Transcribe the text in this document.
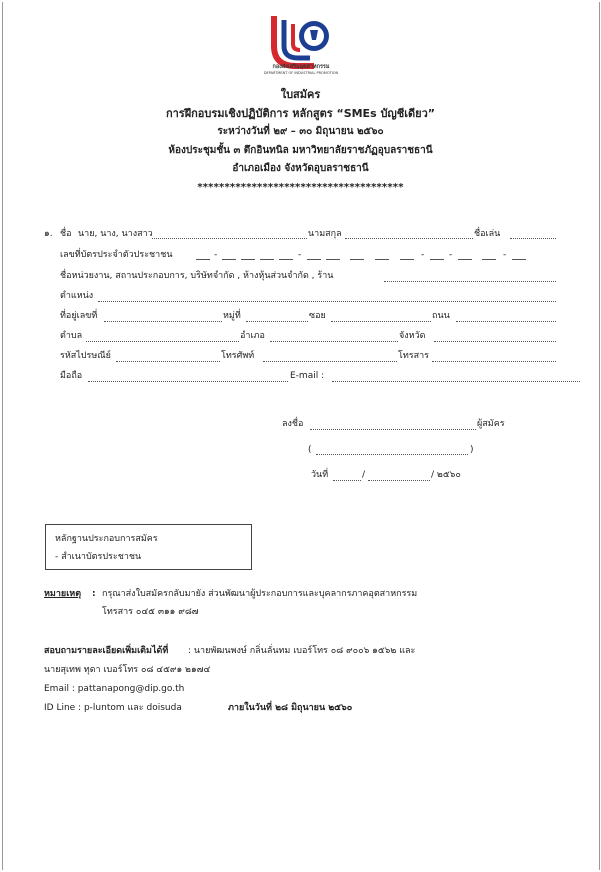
กองส่งเสริมอุตสาหกรรม
DEPARTMENT OF INDUSTRIAL PROMOTION
ใบสมัคร
การฝึกอบรมเชิงปฏิบัติการ หลักสูตร “SMEs บัญชีเดียว”
ระหว่างวันที่ ๒๙ – ๓๐ มิถุนายน ๒๕๖๐
ห้องประชุมชั้น ๓ ตึกอินทนิล มหาวิทยาลัยราชภัฏอุบลราชธานี
อำเภอเมือง จังหวัดอุบลราชธานี
**************************************
๑. ชื่อ นาย, นาง, นางสาว	นามสกุล	ชื่อเล่น
เลขที่บัตรประจำตัวประชาชน	-	-	-	-	-
ชื่อหน่วยงาน, สถานประกอบการ, บริษัทจำกัด , ห้างหุ้นส่วนจำกัด , ร้าน
ตำแหน่ง
ที่อยู่เลขที่	หมู่ที่	ซอย	ถนน
ตำบล	อำเภอ	จังหวัด
รหัสไปรษณีย์	โทรศัพท์	โทรสาร
มือถือ	E-mail :
ลงชื่อ	ผู้สมัคร
(	)
วันที่	/	/ ๒๕๖๐
หลักฐานประกอบการสมัคร
- สำเนาบัตรประชาชน
หมายเหตุ : กรุณาส่งใบสมัครกลับมายัง ส่วนพัฒนาผู้ประกอบการและบุคลากรภาคอุตสาหกรรม
โทรสาร ๐๔๕ ๓๑๑ ๙๘๗
สอบถามรายละเอียดเพิ่มเติมได้ที่ : นายพัฒนพงษ์ กลิ่นลั่นทม เบอร์โทร ๐๘ ๙๐๐๖ ๑๕๖๒ และ
นายสุเทพ ทุดา เบอร์โทร ๐๘ ๔๕๙๑ ๒๑๗๔
Email : pattanapong@dip.go.th
ID Line : p-luntom และ doisuda	ภายในวันที่ ๒๘ มิถุนายน ๒๕๖๐
